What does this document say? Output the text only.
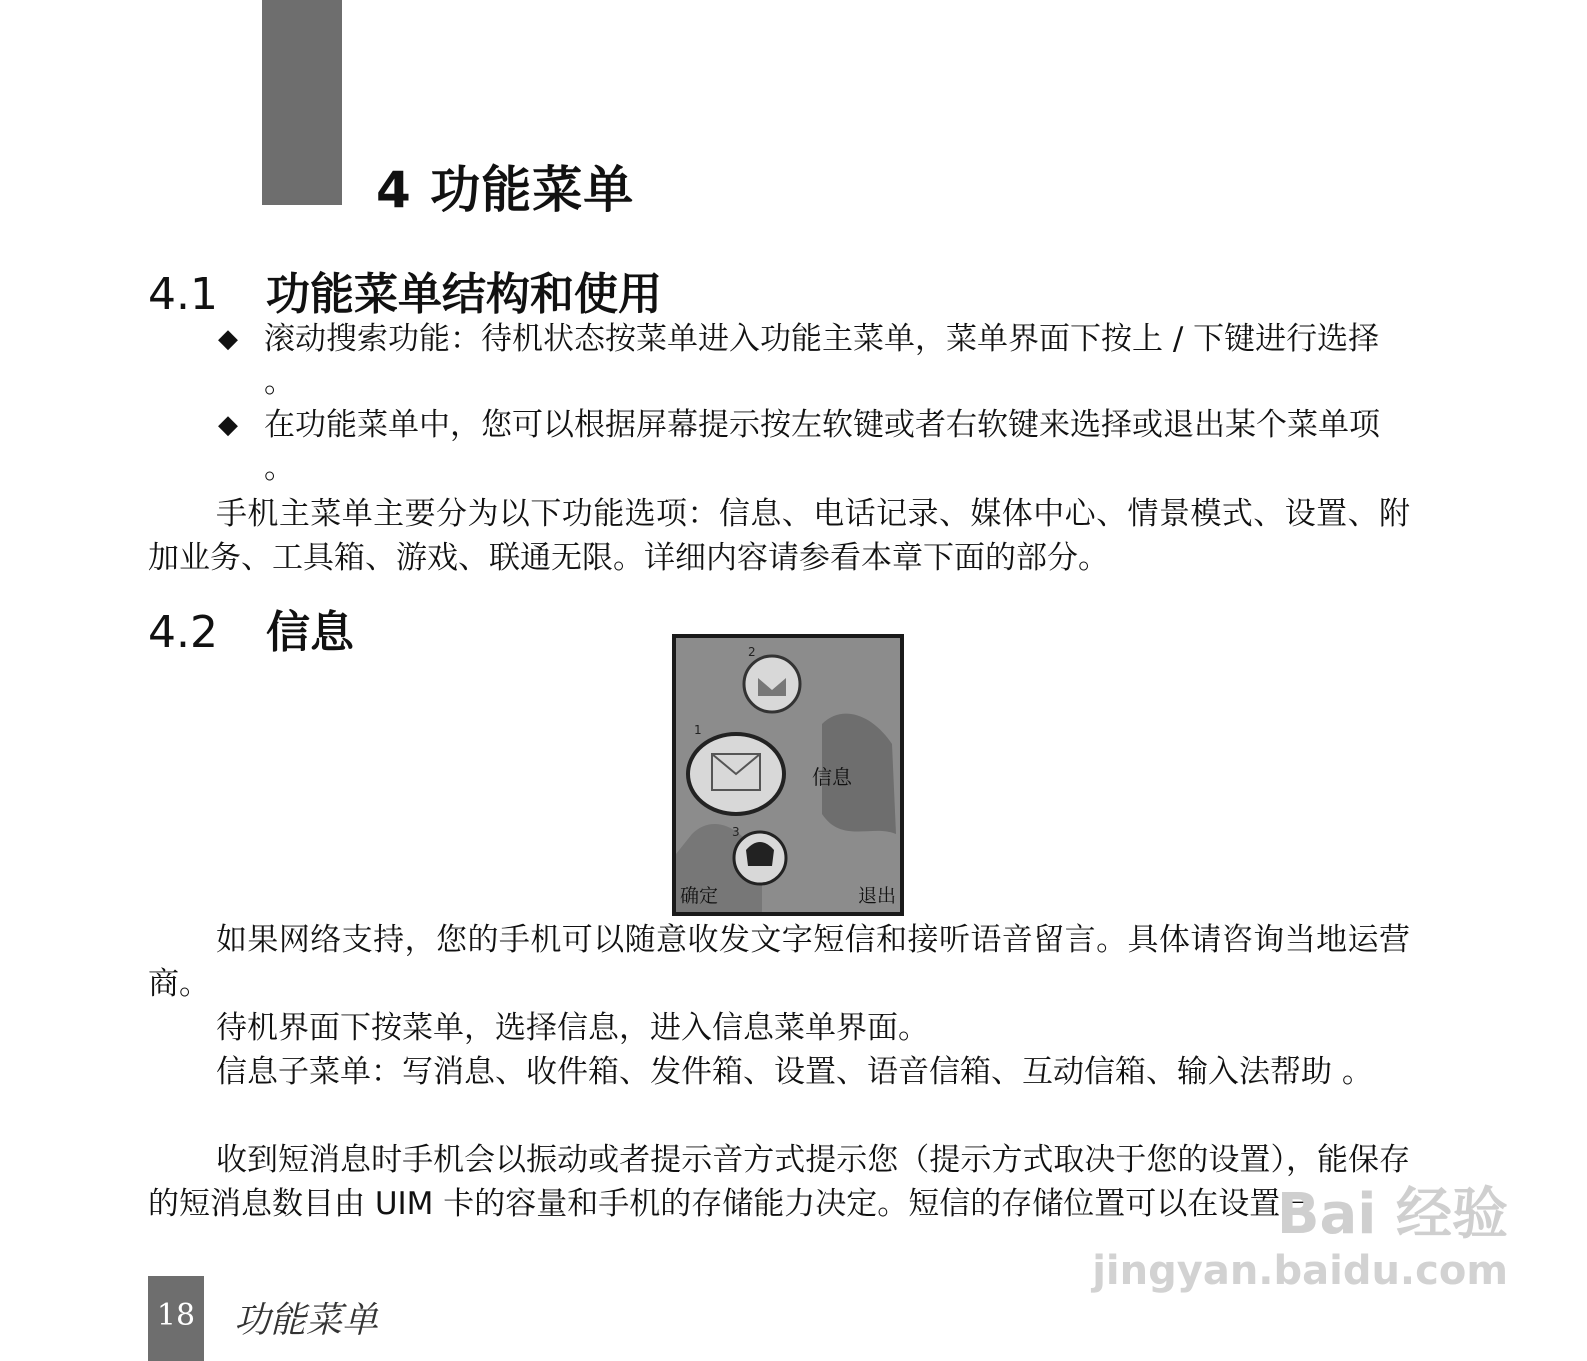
4 功能菜单
4.1 功能菜单结构和使用
◆ 滚动搜索功能：待机状态按菜单进入功能主菜单，菜单界面下按上 / 下键进行选择 。
◆ 在功能菜单中，您可以根据屏幕提示按左软键或者右软键来选择或退出某个菜单项 。
手机主菜单主要分为以下功能选项：信息、电话记录、媒体中心、情景模式、设置、附加业务、工具箱、游戏、联通无限。详细内容请参看本章下面的部分。
4.2 信息	2
1
信息
3
确定	退出
如果网络支持，您的手机可以随意收发文字短信和接听语音留言。具体请咨询当地运营商。
待机界面下按菜单，选择信息，进入信息菜单界面。
信息子菜单：写消息、收件箱、发件箱、设置、语音信箱、互动信箱、输入法帮助 。
收到短消息时手机会以振动或者提示音方式提示您（提示方式取决于您的设置），能保存的短消息数目由 UIM 卡的容量和手机的存储能力决定。短信的存储位置可以在设置－
18 功能菜单
Bai 经验
jingyan.baidu.com
